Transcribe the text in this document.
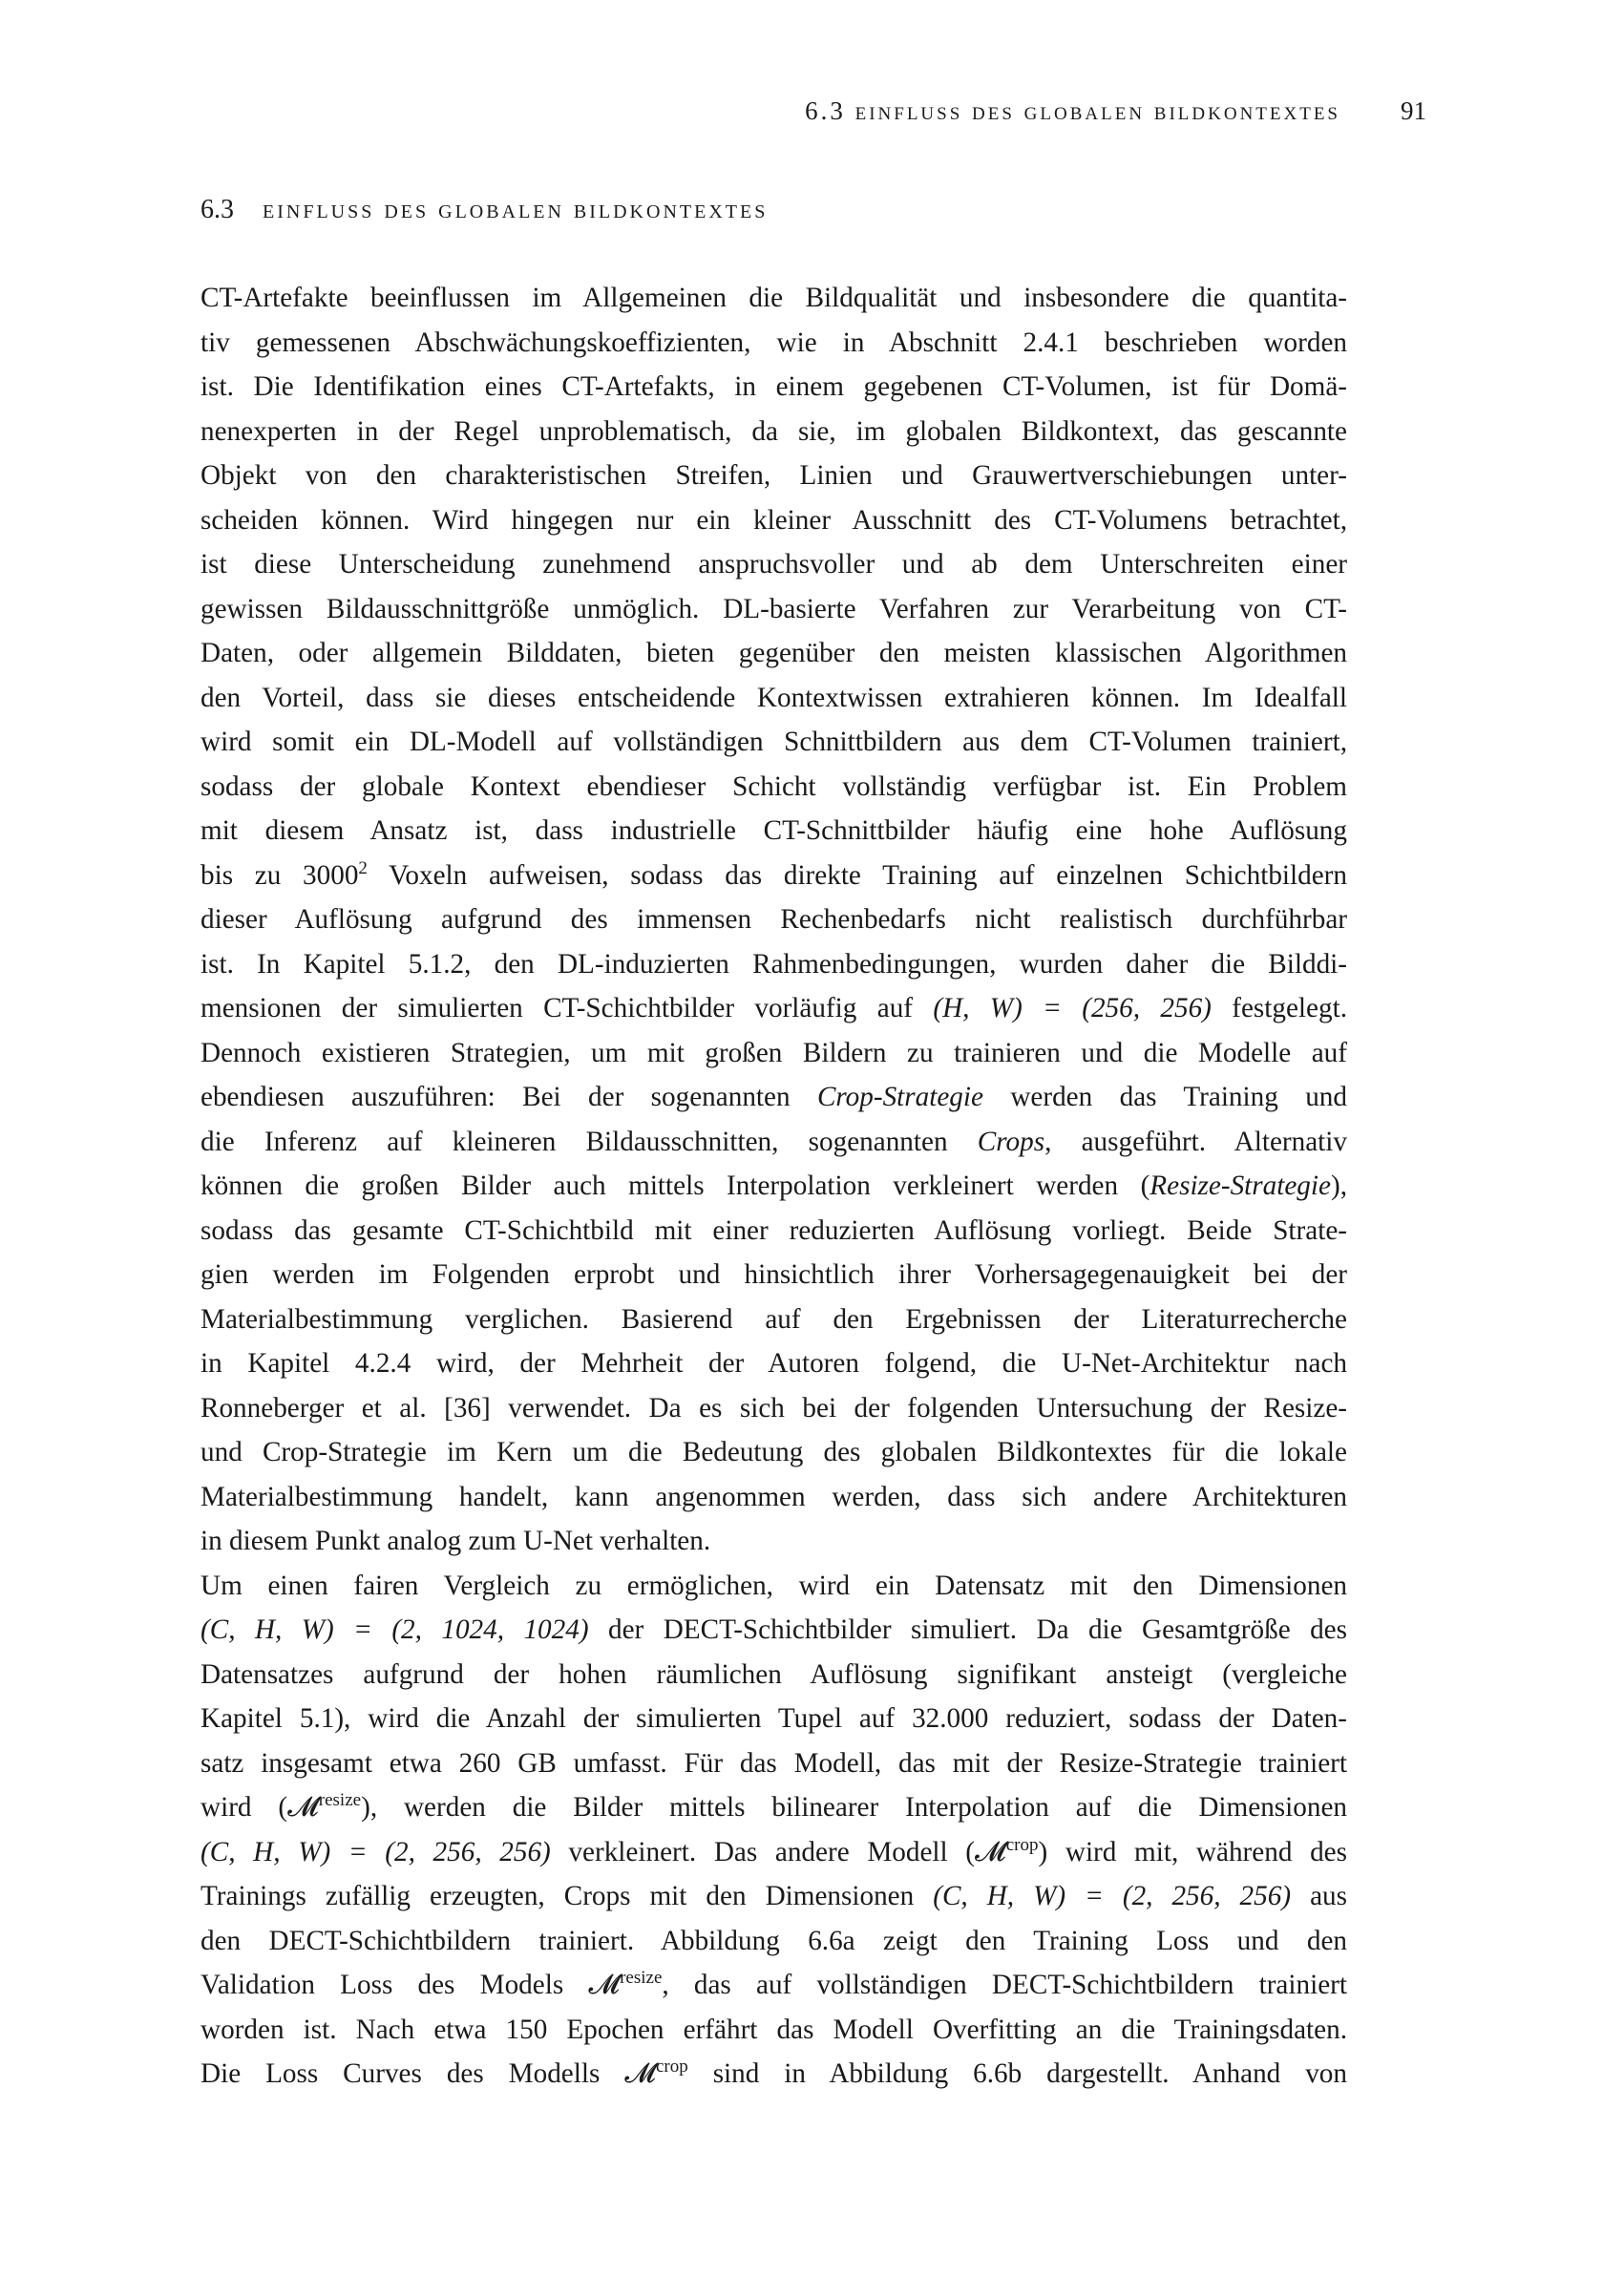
6.3 einfluss des globalen bildkontextes 91
6.3 einfluss des globalen bildkontextes
CT-Artefakte beeinflussen im Allgemeinen die Bildqualität und insbesondere die quantita-
tiv gemessenen Abschwächungskoeffizienten, wie in Abschnitt 2.4.1 beschrieben worden
ist. Die Identifikation eines CT-Artefakts, in einem gegebenen CT-Volumen, ist für Domä-
nenexperten in der Regel unproblematisch, da sie, im globalen Bildkontext, das gescannte
Objekt von den charakteristischen Streifen, Linien und Grauwertverschiebungen unter-
scheiden können. Wird hingegen nur ein kleiner Ausschnitt des CT-Volumens betrachtet,
ist diese Unterscheidung zunehmend anspruchsvoller und ab dem Unterschreiten einer
gewissen Bildausschnittgröße unmöglich. DL-basierte Verfahren zur Verarbeitung von CT-
Daten, oder allgemein Bilddaten, bieten gegenüber den meisten klassischen Algorithmen
den Vorteil, dass sie dieses entscheidende Kontextwissen extrahieren können. Im Idealfall
wird somit ein DL-Modell auf vollständigen Schnittbildern aus dem CT-Volumen trainiert,
sodass der globale Kontext ebendieser Schicht vollständig verfügbar ist. Ein Problem
mit diesem Ansatz ist, dass industrielle CT-Schnittbilder häufig eine hohe Auflösung
bis zu 3000$^2$ Voxeln aufweisen, sodass das direkte Training auf einzelnen Schichtbildern
dieser Auflösung aufgrund des immensen Rechenbedarfs nicht realistisch durchführbar
ist. In Kapitel 5.1.2, den DL-induzierten Rahmenbedingungen, wurden daher die Bilddi-
mensionen der simulierten CT-Schichtbilder vorläufig auf (H, W) = (256, 256) festgelegt.
Dennoch existieren Strategien, um mit großen Bildern zu trainieren und die Modelle auf
ebendiesen auszuführen: Bei der sogenannten Crop-Strategie werden das Training und
die Inferenz auf kleineren Bildausschnitten, sogenannten Crops, ausgeführt. Alternativ
können die großen Bilder auch mittels Interpolation verkleinert werden (Resize-Strategie),
sodass das gesamte CT-Schichtbild mit einer reduzierten Auflösung vorliegt. Beide Strate-
gien werden im Folgenden erprobt und hinsichtlich ihrer Vorhersagegenauigkeit bei der
Materialbestimmung verglichen. Basierend auf den Ergebnissen der Literaturrecherche
in Kapitel 4.2.4 wird, der Mehrheit der Autoren folgend, die U-Net-Architektur nach
Ronneberger et al. [36] verwendet. Da es sich bei der folgenden Untersuchung der Resize-
und Crop-Strategie im Kern um die Bedeutung des globalen Bildkontextes für die lokale
Materialbestimmung handelt, kann angenommen werden, dass sich andere Architekturen
in diesem Punkt analog zum U-Net verhalten.
Um einen fairen Vergleich zu ermöglichen, wird ein Datensatz mit den Dimensionen
(C, H, W) = (2, 1024, 1024) der DECT-Schichtbilder simuliert. Da die Gesamtgröße des
Datensatzes aufgrund der hohen räumlichen Auflösung signifikant ansteigt (vergleiche
Kapitel 5.1), wird die Anzahl der simulierten Tupel auf 32.000 reduziert, sodass der Daten-
satz insgesamt etwa 260 GB umfasst. Für das Modell, das mit der Resize-Strategie trainiert
wird (𝓜$^{resize}$), werden die Bilder mittels bilinearer Interpolation auf die Dimensionen
(C, H, W) = (2, 256, 256) verkleinert. Das andere Modell (𝓜$^{crop}$) wird mit, während des
Trainings zufällig erzeugten, Crops mit den Dimensionen (C, H, W) = (2, 256, 256) aus
den DECT-Schichtbildern trainiert. Abbildung 6.6a zeigt den Training Loss und den
Validation Loss des Models 𝓜$^{resize}$, das auf vollständigen DECT-Schichtbildern trainiert
worden ist. Nach etwa 150 Epochen erfährt das Modell Overfitting an die Trainingsdaten.
Die Loss Curves des Modells 𝓜$^{crop}$ sind in Abbildung 6.6b dargestellt. Anhand von
